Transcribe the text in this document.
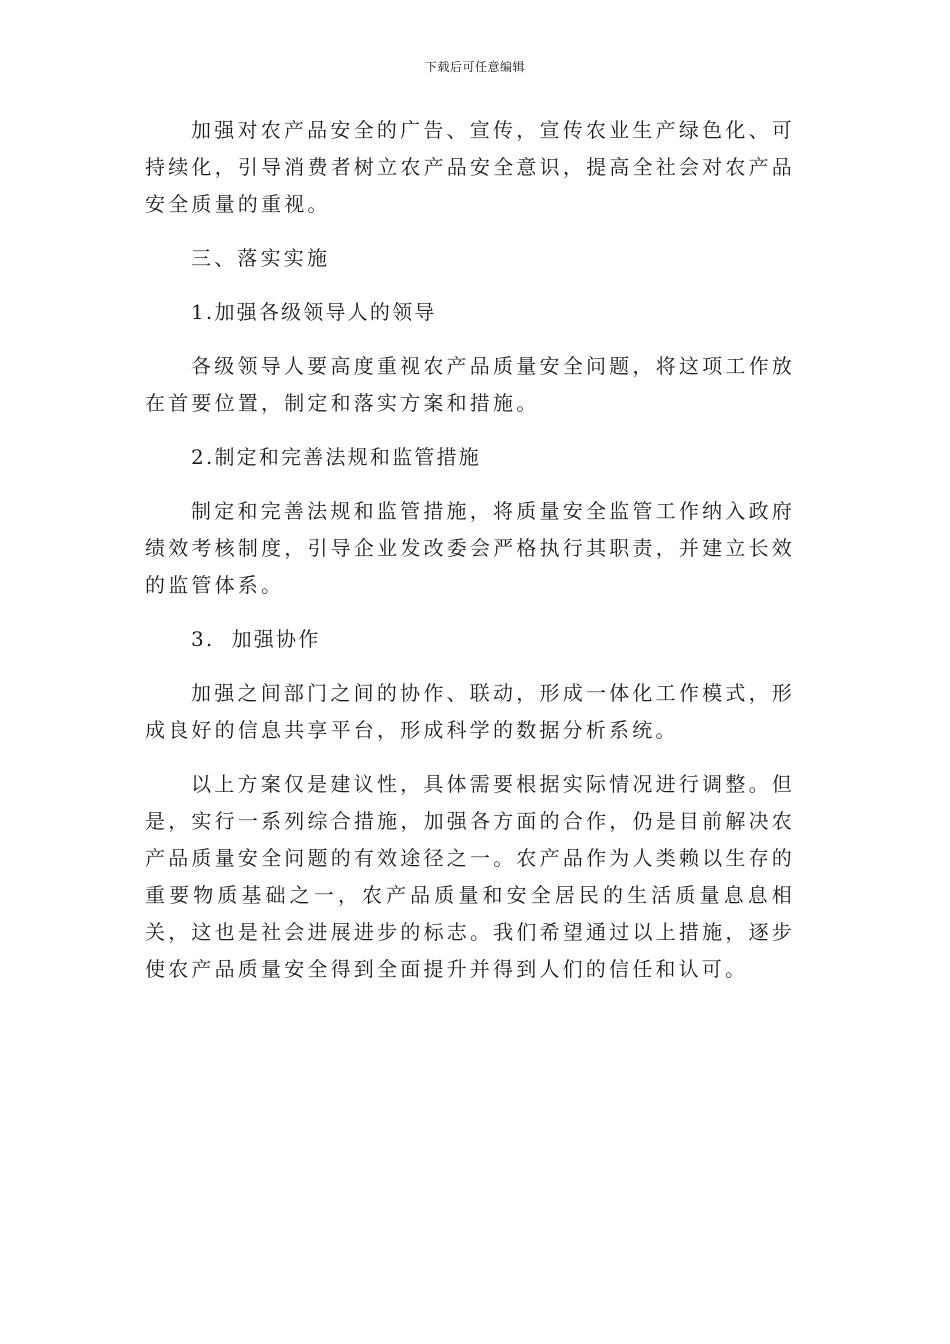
下载后可任意编辑

加强对农产品安全的广告、宣传，宣传农业生产绿色化、可持续化，引导消费者树立农产品安全意识，提高全社会对农产品安全质量的重视。

三、落实实施

1.加强各级领导人的领导

各级领导人要高度重视农产品质量安全问题，将这项工作放在首要位置，制定和落实方案和措施。

2.制定和完善法规和监管措施

制定和完善法规和监管措施，将质量安全监管工作纳入政府绩效考核制度，引导企业发改委会严格执行其职责，并建立长效的监管体系。

3.  加强协作

加强之间部门之间的协作、联动，形成一体化工作模式，形成良好的信息共享平台，形成科学的数据分析系统。

以上方案仅是建议性，具体需要根据实际情况进行调整。但是，实行一系列综合措施，加强各方面的合作，仍是目前解决农产品质量安全问题的有效途径之一。农产品作为人类赖以生存的重要物质基础之一，农产品质量和安全居民的生活质量息息相关，这也是社会进展进步的标志。我们希望通过以上措施，逐步使农产品质量安全得到全面提升并得到人们的信任和认可。
